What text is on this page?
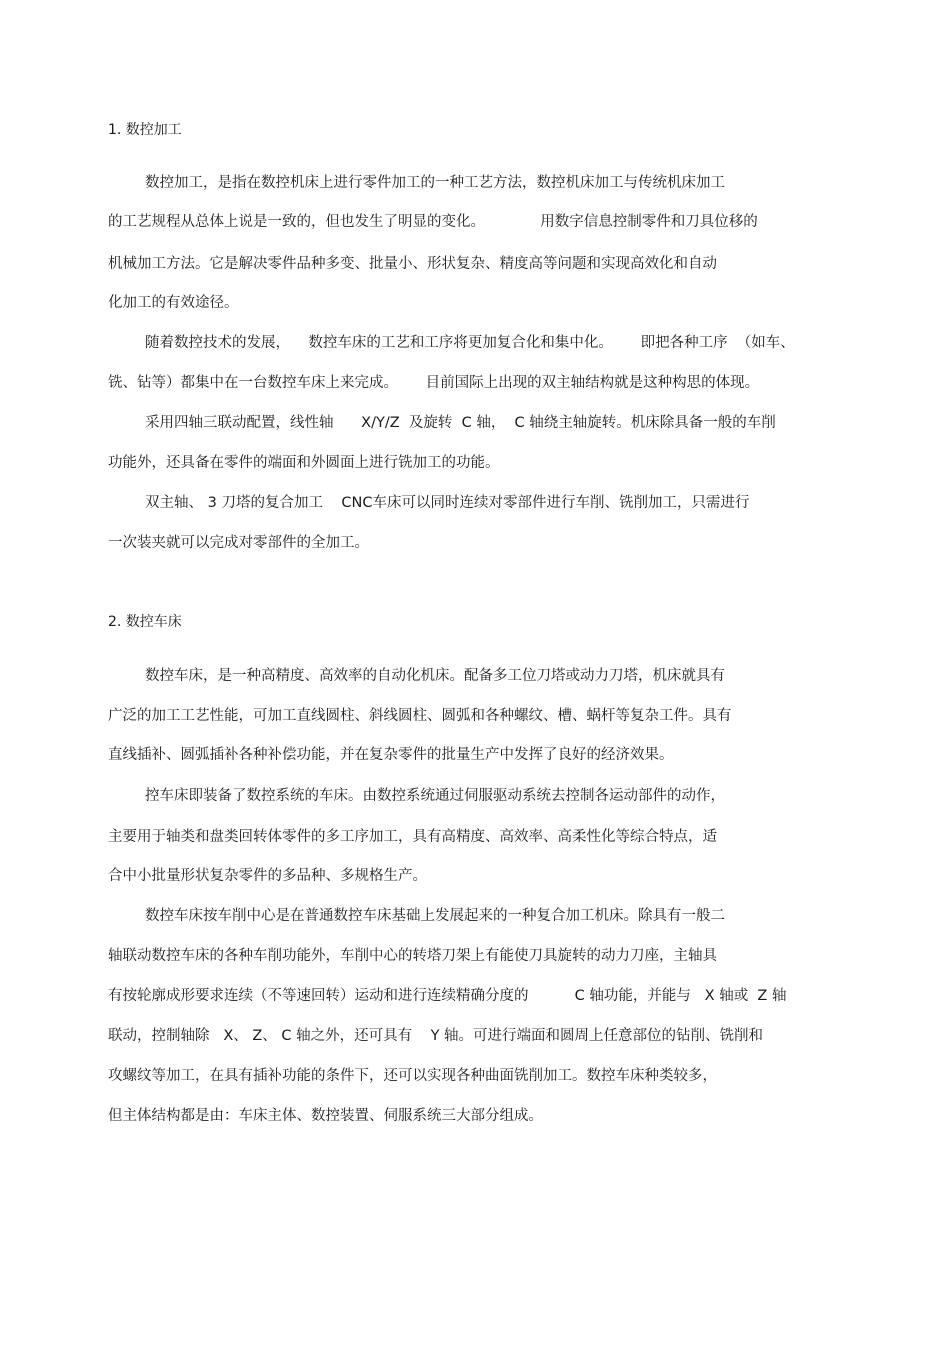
1. 数控加工
数控加工，是指在数控机床上进行零件加工的一种工艺方法，数控机床加工与传统机床加工
的工艺规程从总体上说是一致的，但也发生了明显的变化。            用数字信息控制零件和刀具位移的
机械加工方法。它是解决零件品种多变、批量小、形状复杂、精度高等问题和实现高效化和自动
化加工的有效途径。
随着数控技术的发展，    数控车床的工艺和工序将更加复合化和集中化。      即把各种工序  （如车、
铣、钻等）都集中在一台数控车床上来完成。      目前国际上出现的双主轴结构就是这种构思的体现。
采用四轴三联动配置，线性轴      X/Y/Z  及旋转  C 轴，  C 轴绕主轴旋转。机床除具备一般的车削
功能外，还具备在零件的端面和外圆面上进行铣加工的功能。
双主轴、 3 刀塔的复合加工    CNC车床可以同时连续对零部件进行车削、铣削加工，只需进行
一次装夹就可以完成对零部件的全加工。
2. 数控车床
数控车床，是一种高精度、高效率的自动化机床。配备多工位刀塔或动力刀塔，机床就具有
广泛的加工工艺性能，可加工直线圆柱、斜线圆柱、圆弧和各种螺纹、槽、蜗杆等复杂工件。具有
直线插补、圆弧插补各种补偿功能，并在复杂零件的批量生产中发挥了良好的经济效果。
控车床即装备了数控系统的车床。由数控系统通过伺服驱动系统去控制各运动部件的动作，
主要用于轴类和盘类回转体零件的多工序加工，具有高精度、高效率、高柔性化等综合特点，适
合中小批量形状复杂零件的多品种、多规格生产。
数控车床按车削中心是在普通数控车床基础上发展起来的一种复合加工机床。除具有一般二
轴联动数控车床的各种车削功能外，车削中心的转塔刀架上有能使刀具旋转的动力刀座，主轴具
有按轮廓成形要求连续（不等速回转）运动和进行连续精确分度的          C 轴功能，并能与   X 轴或  Z 轴
联动，控制轴除   X、 Z、 C 轴之外，还可具有    Y 轴。可进行端面和圆周上任意部位的钻削、铣削和
攻螺纹等加工，在具有插补功能的条件下，还可以实现各种曲面铣削加工。数控车床种类较多，
但主体结构都是由：车床主体、数控装置、伺服系统三大部分组成。
